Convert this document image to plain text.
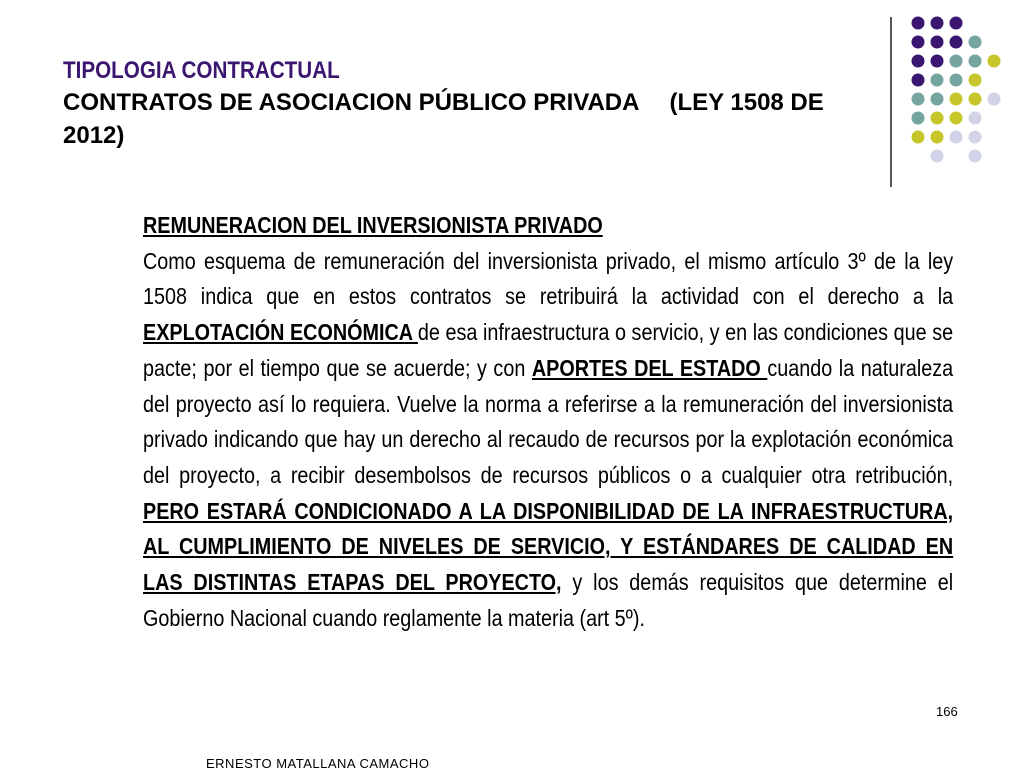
TIPOLOGIA CONTRACTUAL

CONTRATOS DE ASOCIACION PÚBLICO PRIVADA (LEY 1508 DE 2012)

REMUNERACION DEL INVERSIONISTA PRIVADO
Como esquema de remuneración del inversionista privado, el mismo artículo 3º de la ley 1508 indica que en estos contratos se retribuirá la actividad con el derecho a la EXPLOTACIÓN ECONÓMICA de esa infraestructura o servicio, y en las condiciones que se pacte; por el tiempo que se acuerde; y con APORTES DEL ESTADO cuando la naturaleza del proyecto así lo requiera. Vuelve la norma a referirse a la remuneración del inversionista privado indicando que hay un derecho al recaudo de recursos por la explotación económica del proyecto, a recibir desembolsos de recursos públicos o a cualquier otra retribución, PERO ESTARÁ CONDICIONADO A LA DISPONIBILIDAD DE LA INFRAESTRUCTURA, AL CUMPLIMIENTO DE NIVELES DE SERVICIO, Y ESTÁNDARES DE CALIDAD EN LAS DISTINTAS ETAPAS DEL PROYECTO, y los demás requisitos que determine el Gobierno Nacional cuando reglamente la materia (art 5º).
166
ERNESTO MATALLANA CAMACHO
